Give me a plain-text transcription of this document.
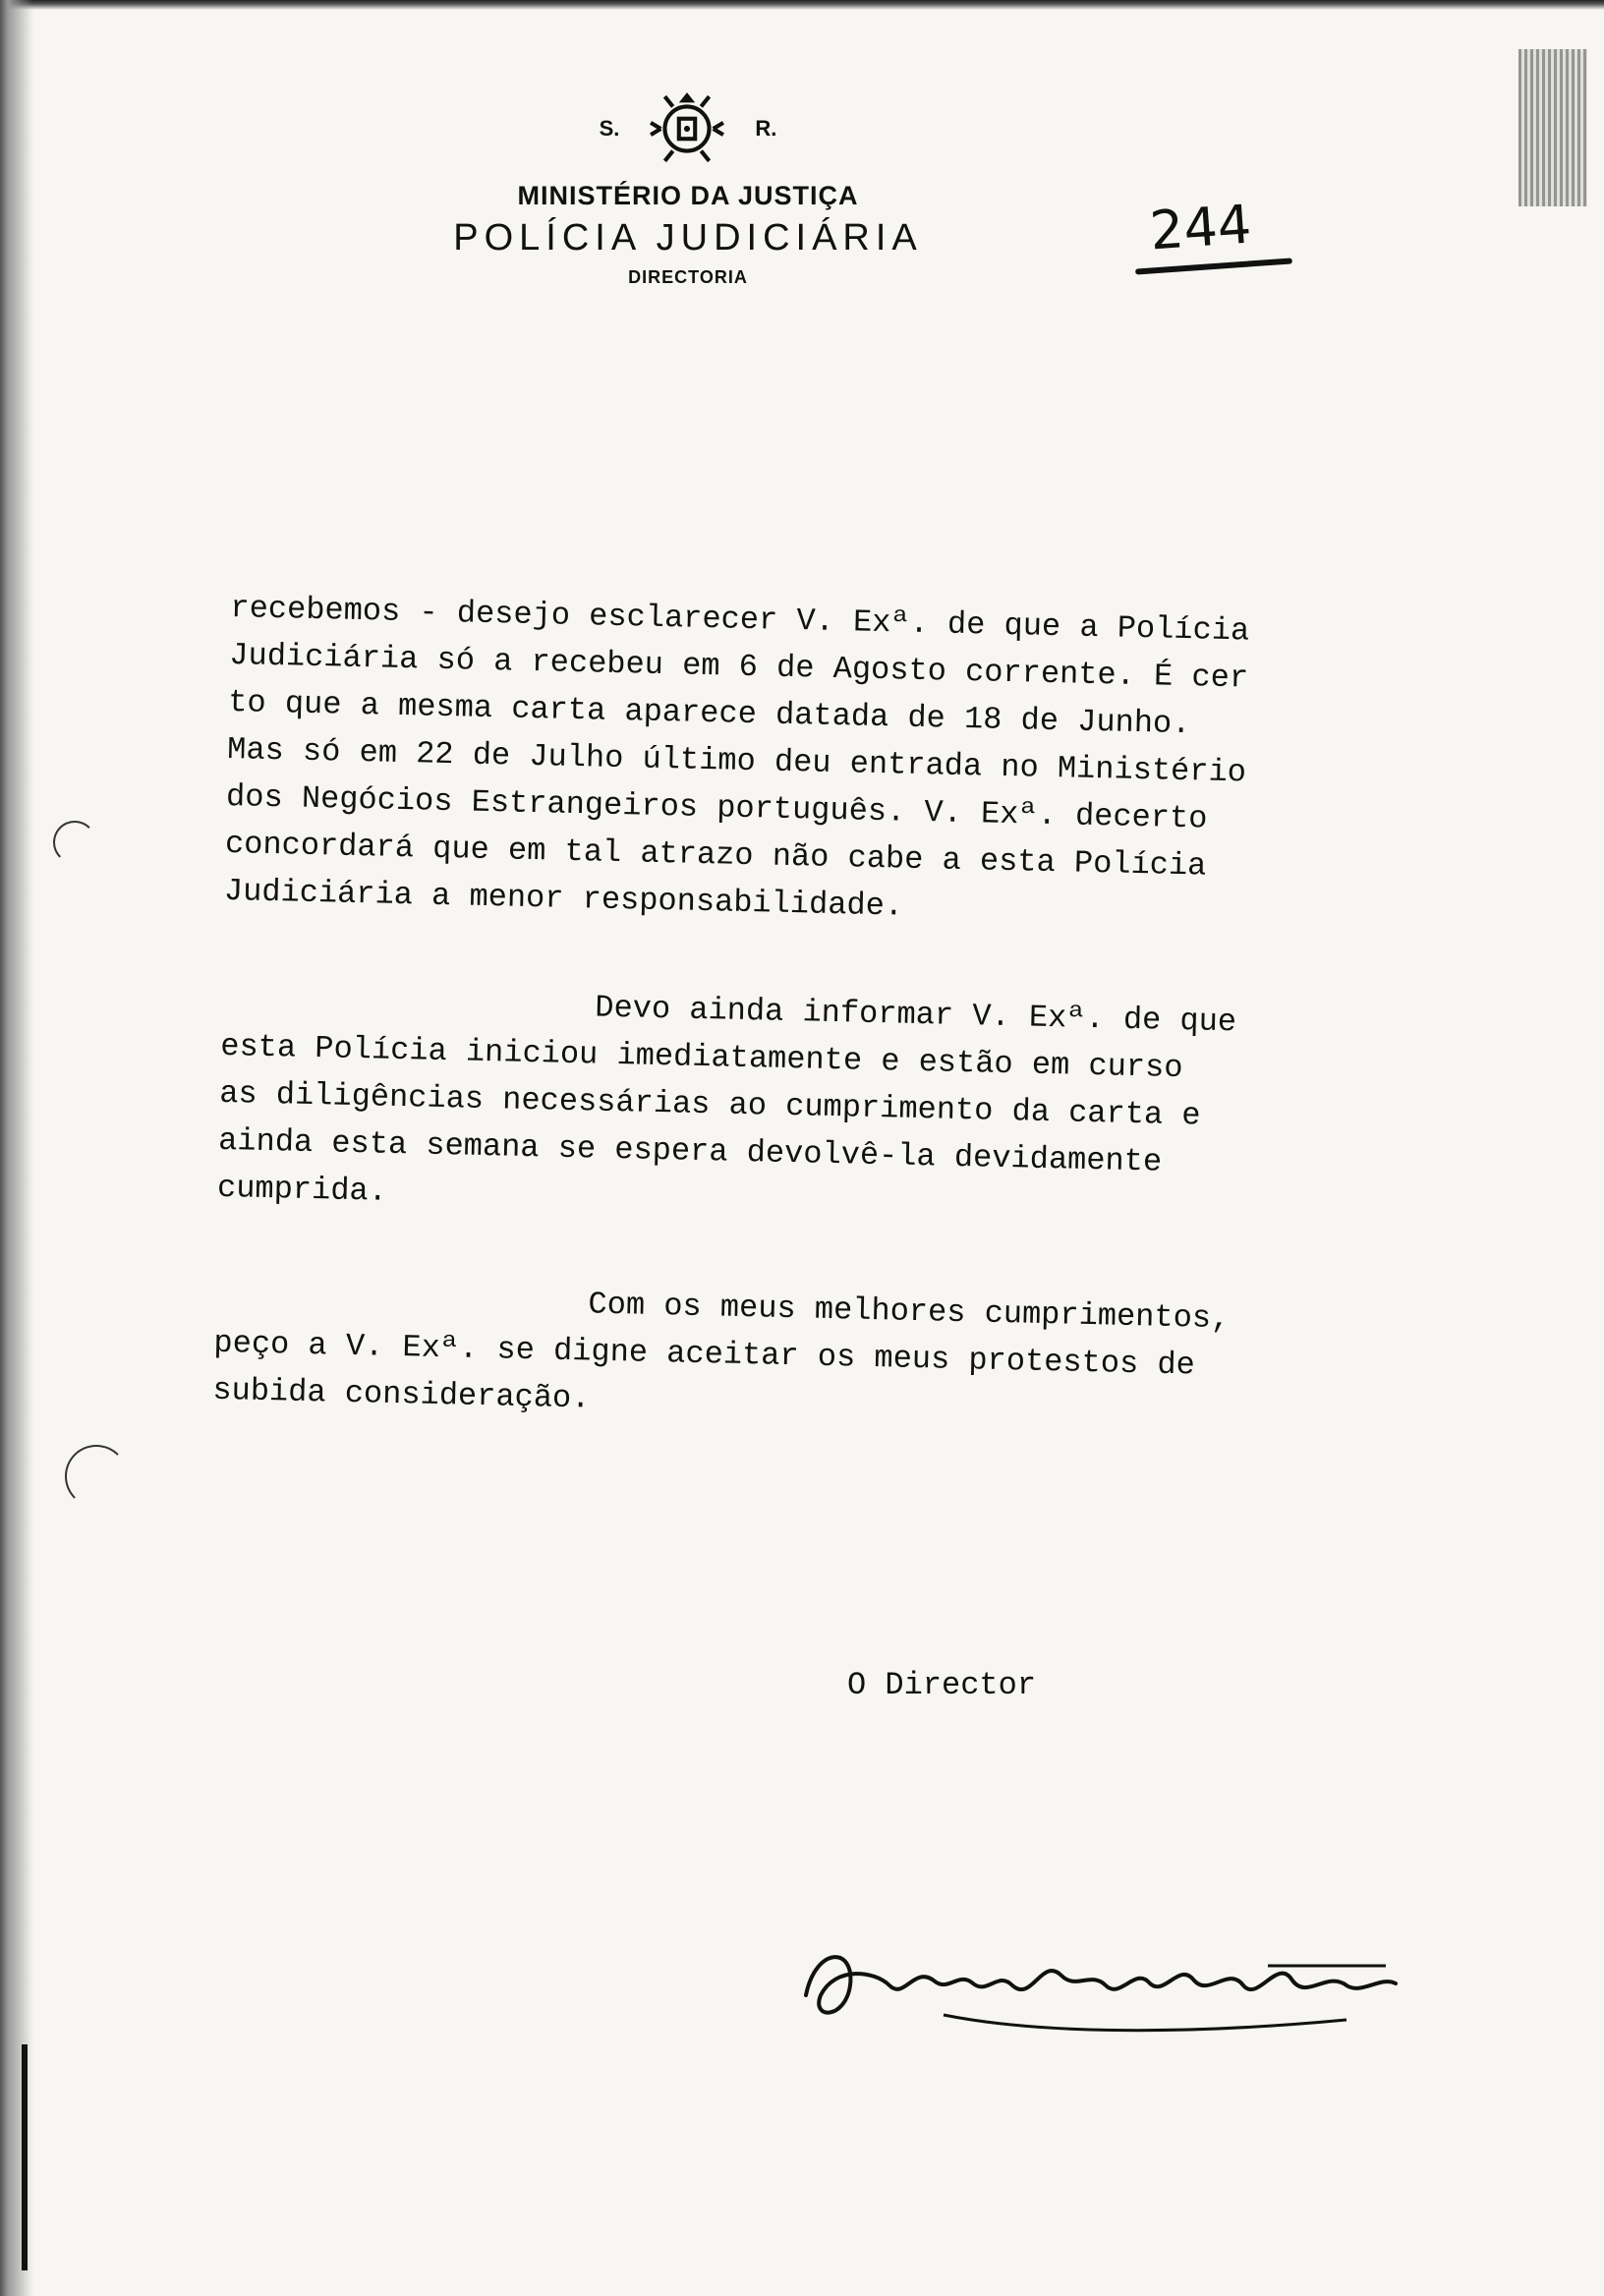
S.	R.
MINISTÉRIO DA JUSTIÇA
POLÍCIA JUDICIÁRIA
DIRECTORIA
244

recebemos - desejo esclarecer V. Exª. de que a Polícia
Judiciária só a recebeu em 6 de Agosto corrente. É cer
to que a mesma carta aparece datada de 18 de Junho.
Mas só em 22 de Julho último deu entrada no Ministério
dos Negócios Estrangeiros português. V. Exª. decerto
concordará que em tal atrazo não cabe a esta Polícia
Judiciária a menor responsabilidade.

Devo ainda informar V. Exª. de que
esta Polícia iniciou imediatamente e estão em curso
as diligências necessárias ao cumprimento da carta e
ainda esta semana se espera devolvê-la devidamente
cumprida.

Com os meus melhores cumprimentos,
peço a V. Exª. se digne aceitar os meus protestos de
subida consideração.

O Director
